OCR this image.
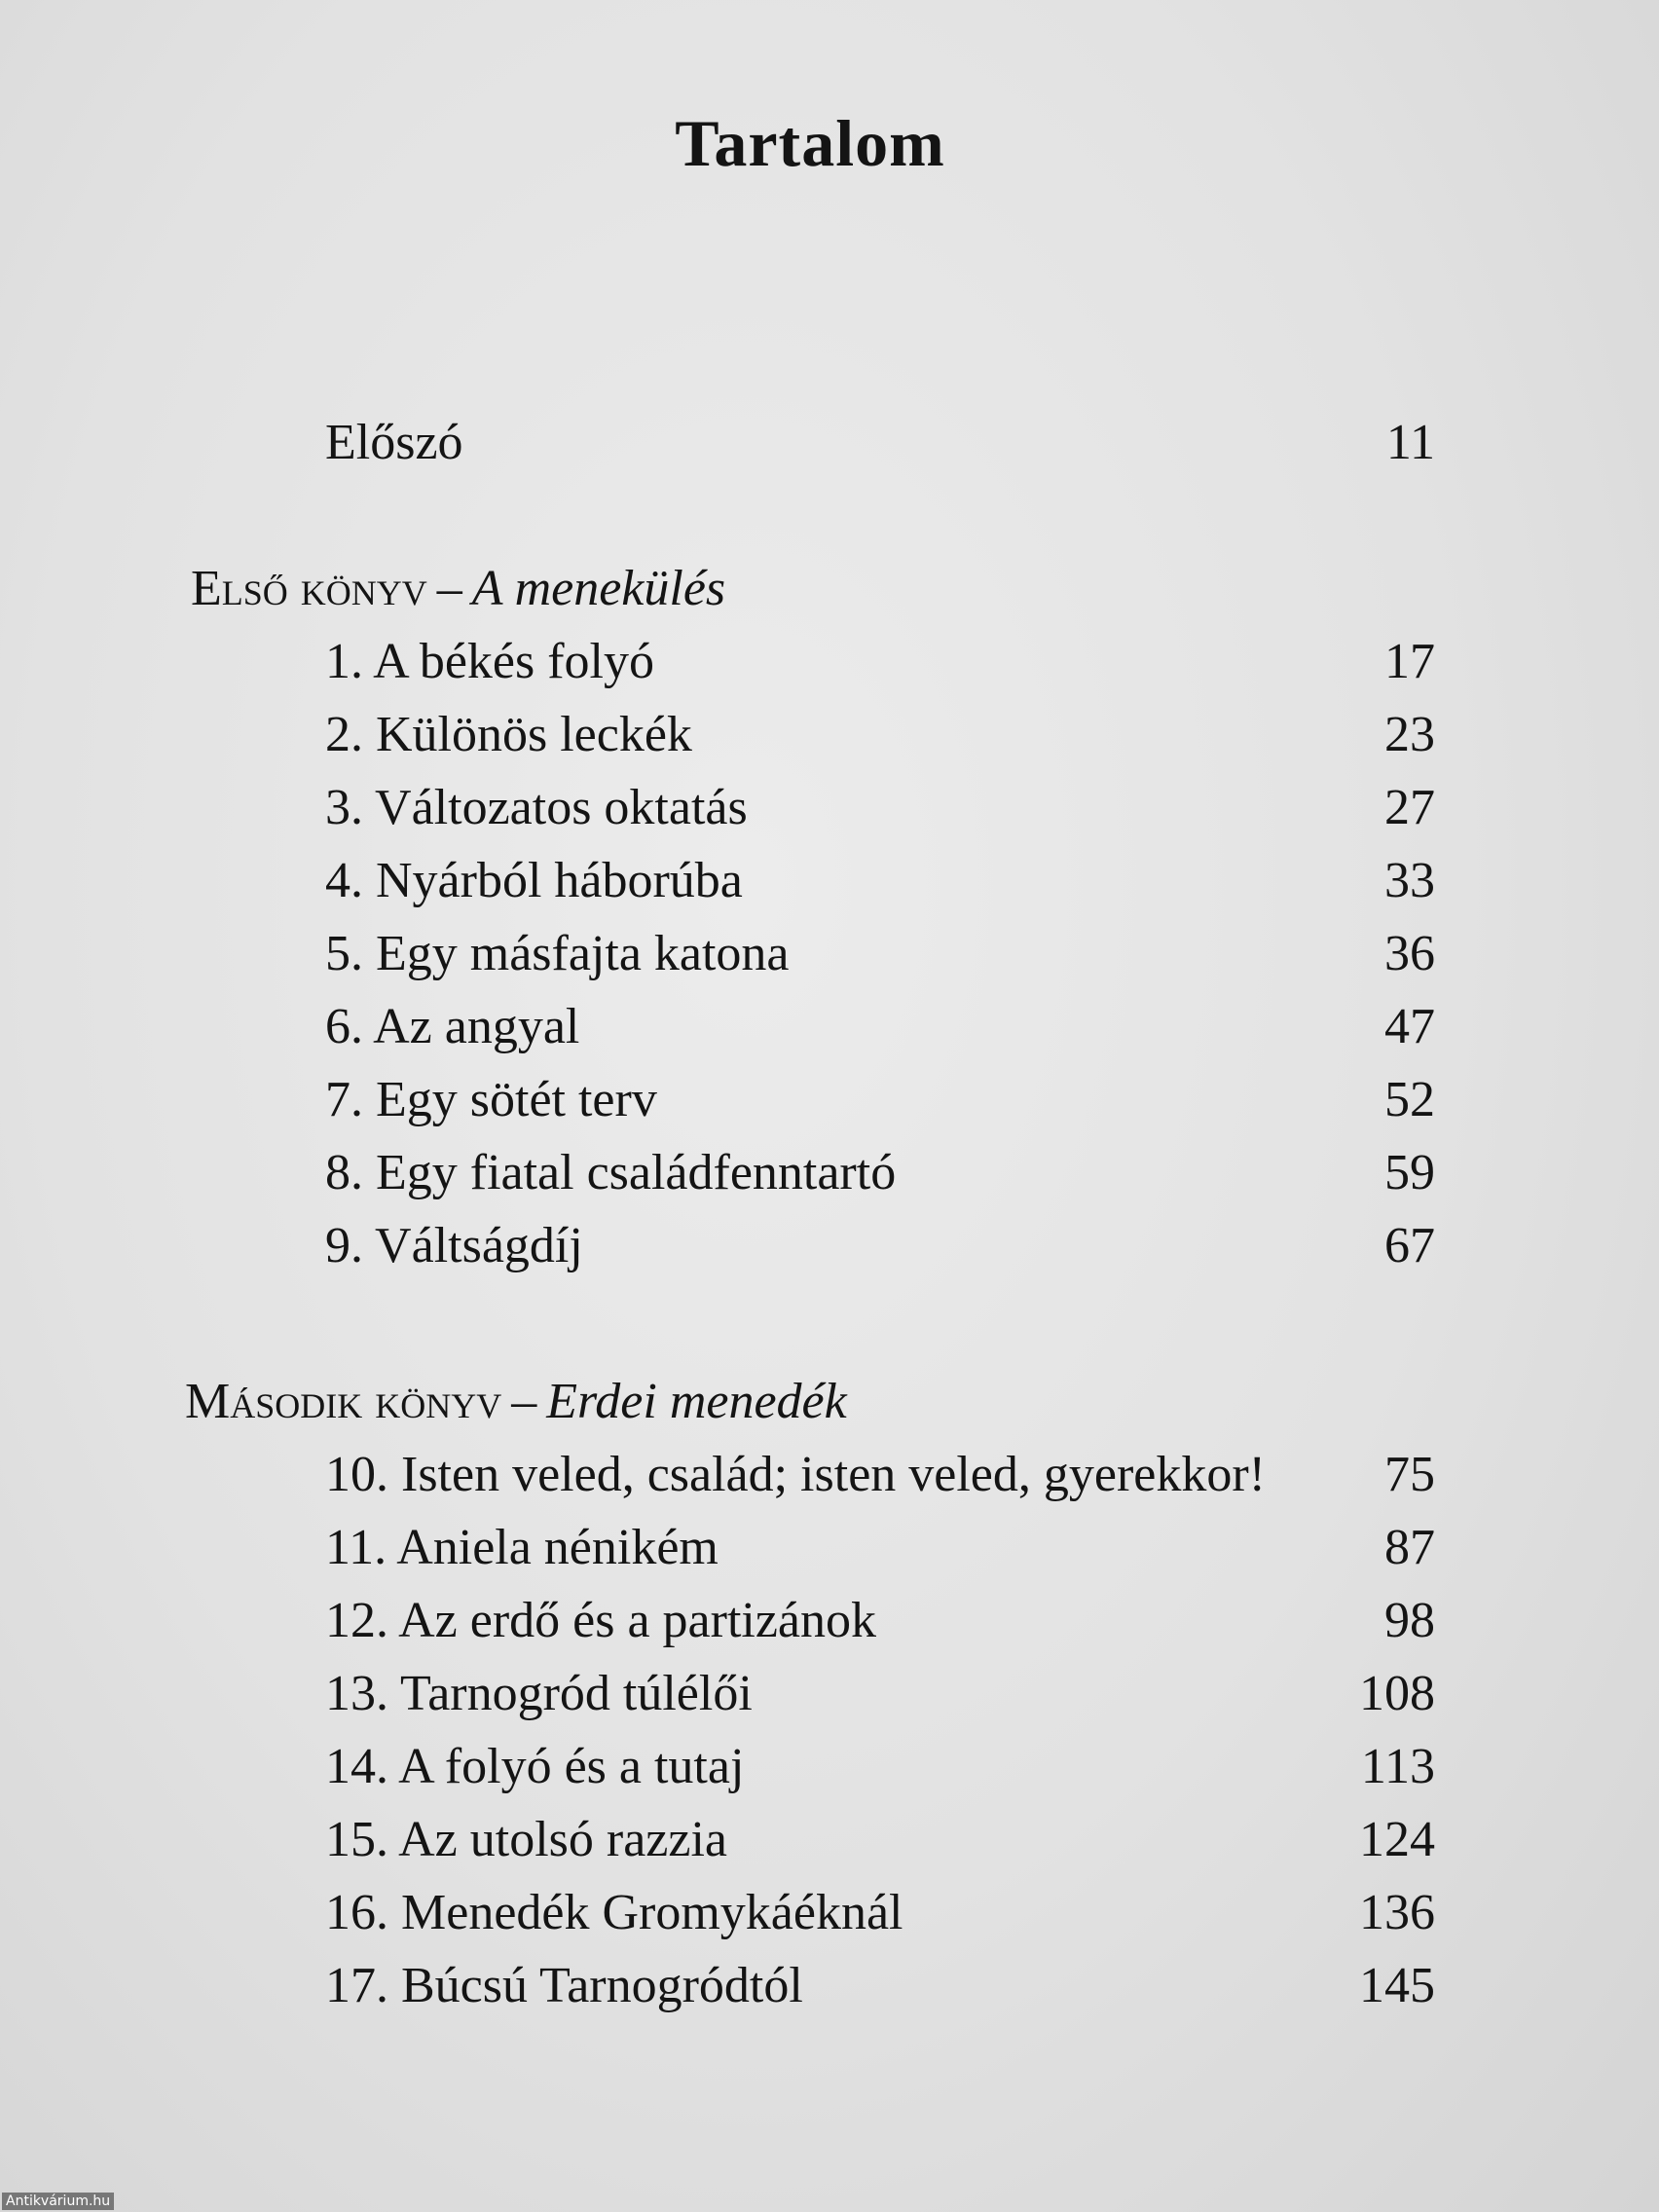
Tartalom
Előszó	11
Első könyv – A menekülés
1. A békés folyó	17
2. Különös leckék	23
3. Változatos oktatás	27
4. Nyárból háborúba	33
5. Egy másfajta katona	36
6. Az angyal	47
7. Egy sötét terv	52
8. Egy fiatal családfenntartó	59
9. Váltságdíj	67
Második könyv – Erdei menedék
10. Isten veled, család; isten veled, gyerekkor! 75
11. Aniela nénikém	87
12. Az erdő és a partizánok	98
13. Tarnogród túlélői	108
14. A folyó és a tutaj	113
15. Az utolsó razzia	124
16. Menedék Gromykáéknál	136
17. Búcsú Tarnogródtól	145
Antikvárium.hu
